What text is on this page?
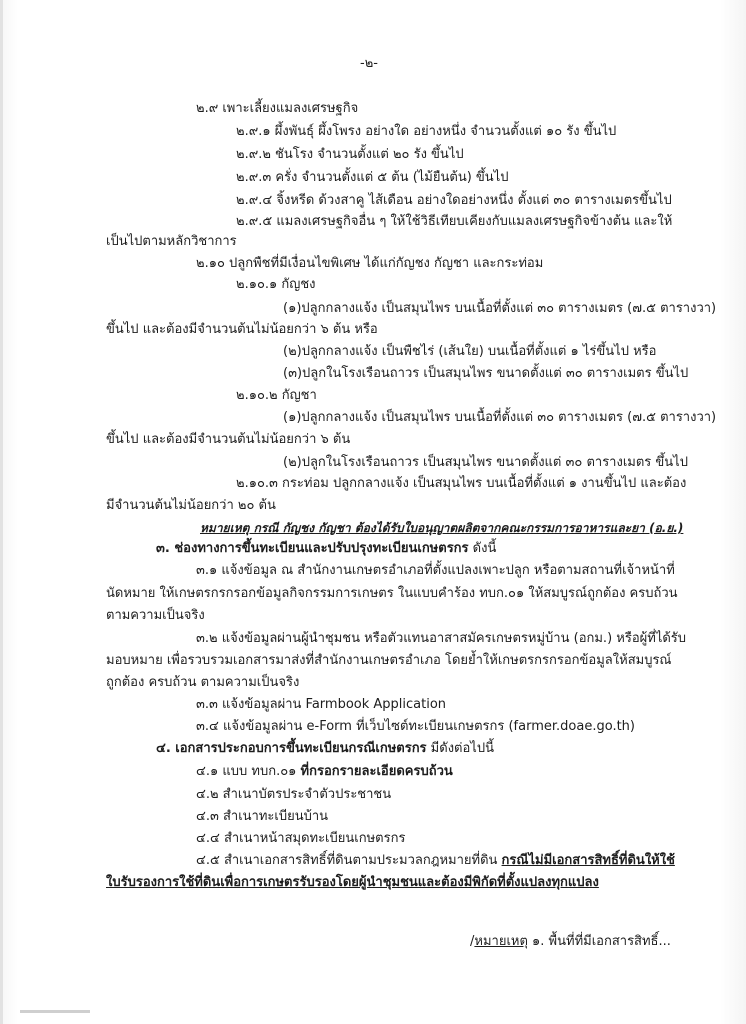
-๒-
๒.๙ เพาะเลี้ยงแมลงเศรษฐกิจ
๒.๙.๑ ผึ้งพันธุ์ ผึ้งโพรง อย่างใด อย่างหนึ่ง จำนวนตั้งแต่ ๑๐ รัง ขึ้นไป
๒.๙.๒ ชันโรง จำนวนตั้งแต่ ๒๐ รัง ขึ้นไป
๒.๙.๓ ครั่ง จำนวนตั้งแต่ ๕ ต้น (ไม้ยืนต้น) ขึ้นไป
๒.๙.๔ จิ้งหรีด ด้วงสาคู ไส้เดือน อย่างใดอย่างหนึ่ง ตั้งแต่ ๓๐ ตารางเมตรขึ้นไป
๒.๙.๕ แมลงเศรษฐกิจอื่น ๆ ให้ใช้วิธีเทียบเคียงกับแมลงเศรษฐกิจข้างต้น และให้
เป็นไปตามหลักวิชาการ
๒.๑๐ ปลูกพืชที่มีเงื่อนไขพิเศษ ได้แก่กัญชง กัญชา และกระท่อม
๒.๑๐.๑ กัญชง
(๑)ปลูกกลางแจ้ง เป็นสมุนไพร บนเนื้อที่ตั้งแต่ ๓๐ ตารางเมตร (๗.๕ ตารางวา)
ขึ้นไป และต้องมีจำนวนต้นไม่น้อยกว่า ๖ ต้น หรือ
(๒)ปลูกกลางแจ้ง เป็นพืชไร่ (เส้นใย) บนเนื้อที่ตั้งแต่ ๑ ไร่ขึ้นไป หรือ
(๓)ปลูกในโรงเรือนถาวร เป็นสมุนไพร ขนาดตั้งแต่ ๓๐ ตารางเมตร ขึ้นไป
๒.๑๐.๒ กัญชา
(๑)ปลูกกลางแจ้ง เป็นสมุนไพร บนเนื้อที่ตั้งแต่ ๓๐ ตารางเมตร (๗.๕ ตารางวา)
ขึ้นไป และต้องมีจำนวนต้นไม่น้อยกว่า ๖ ต้น
(๒)ปลูกในโรงเรือนถาวร เป็นสมุนไพร ขนาดตั้งแต่ ๓๐ ตารางเมตร ขึ้นไป
๒.๑๐.๓ กระท่อม ปลูกกลางแจ้ง เป็นสมุนไพร บนเนื้อที่ตั้งแต่ ๑ งานขึ้นไป และต้อง
มีจำนวนต้นไม่น้อยกว่า ๒๐ ต้น
หมายเหตุ กรณี กัญชง กัญชา ต้องได้รับใบอนุญาตผลิตจากคณะกรรมการอาหารและยา (อ.ย.)
๓. ช่องทางการขึ้นทะเบียนและปรับปรุงทะเบียนเกษตรกร ดังนี้
๓.๑ แจ้งข้อมูล ณ สำนักงานเกษตรอำเภอที่ตั้งแปลงเพาะปลูก หรือตามสถานที่เจ้าหน้าที่
นัดหมาย ให้เกษตรกรกรอกข้อมูลกิจกรรมการเกษตร ในแบบคำร้อง ทบก.๐๑ ให้สมบูรณ์ถูกต้อง ครบถ้วน
ตามความเป็นจริง
๓.๒ แจ้งข้อมูลผ่านผู้นำชุมชน หรือตัวแทนอาสาสมัครเกษตรหมู่บ้าน (อกม.) หรือผู้ที่ได้รับ
มอบหมาย เพื่อรวบรวมเอกสารมาส่งที่สำนักงานเกษตรอำเภอ โดยย้ำให้เกษตรกรกรอกข้อมูลให้สมบูรณ์
ถูกต้อง ครบถ้วน ตามความเป็นจริง
๓.๓ แจ้งข้อมูลผ่าน Farmbook Application
๓.๔ แจ้งข้อมูลผ่าน e-Form ที่เว็บไซต์ทะเบียนเกษตรกร (farmer.doae.go.th)
๔. เอกสารประกอบการขึ้นทะเบียนกรณีเกษตรกร มีดังต่อไปนี้
๔.๑ แบบ ทบก.๐๑ ที่กรอกรายละเอียดครบถ้วน
๔.๒ สำเนาบัตรประจำตัวประชาชน
๔.๓ สำเนาทะเบียนบ้าน
๔.๔ สำเนาหน้าสมุดทะเบียนเกษตรกร
๔.๕ สำเนาเอกสารสิทธิ์ที่ดินตามประมวลกฎหมายที่ดิน กรณีไม่มีเอกสารสิทธิ์ที่ดินให้ใช้
ใบรับรองการใช้ที่ดินเพื่อการเกษตรรับรองโดยผู้นำชุมชนและต้องมีพิกัดที่ตั้งแปลงทุกแปลง
/หมายเหตุ ๑. พื้นที่ที่มีเอกสารสิทธิ์...
